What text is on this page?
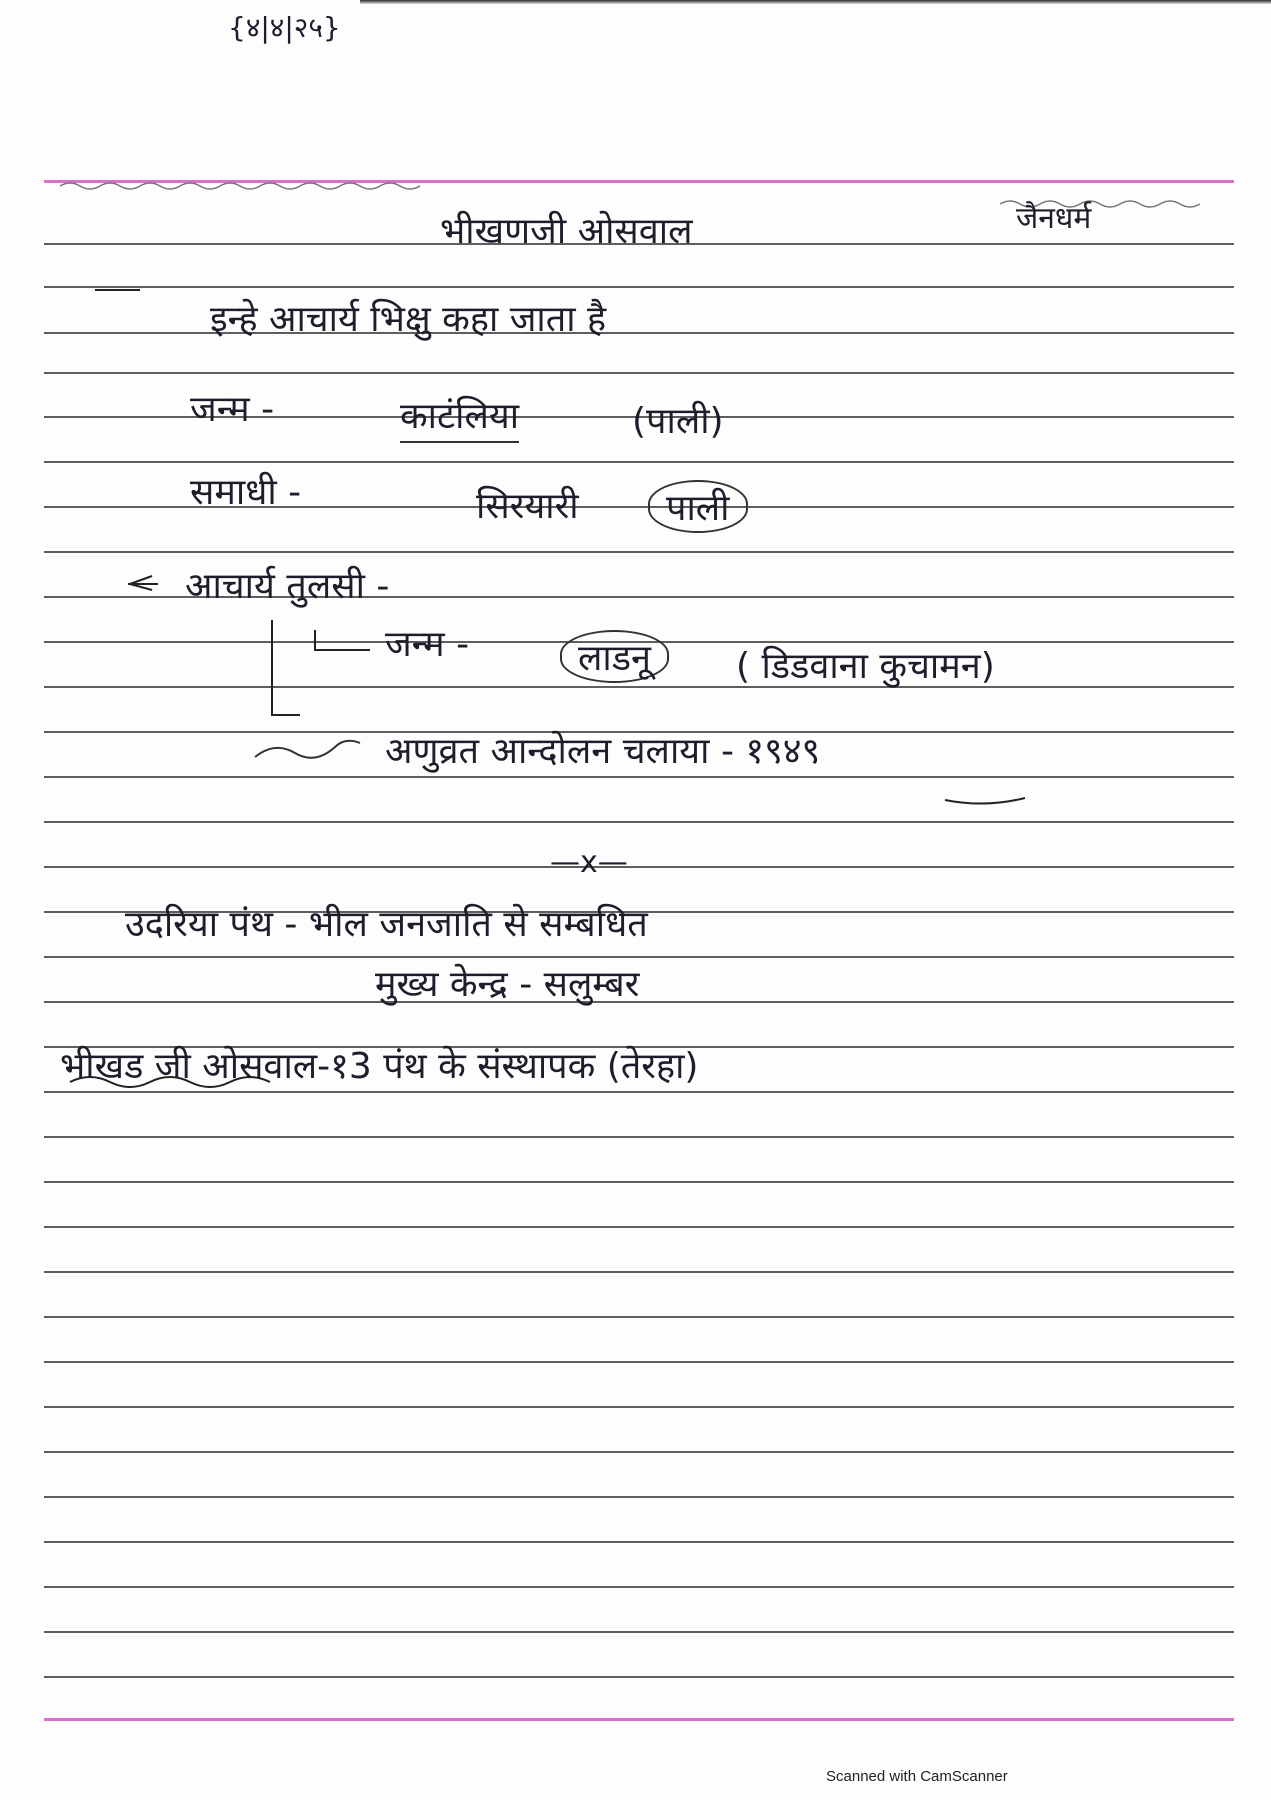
{४|४|२५}
भीखणजी ओसवाल	जैनधर्म
इन्हे आचार्य भिक्षु कहा जाता है
जन्म -	काटंलिया	(पाली)
समाधी -	सिरयारी	पाली
आचार्य तुलसी -
जन्म -	लाडनू	( डिडवाना कुचामन)
अणुव्रत आन्दोलन चलाया - १९४९
—x—
उदरिया पंथ - भील जनजाति से सम्बधित
मुख्य केन्द्र - सलुम्बर
भीखड जी ओसवाल-१3 पंथ के संस्थापक (तेरहा)
Scanned with CamScanner
